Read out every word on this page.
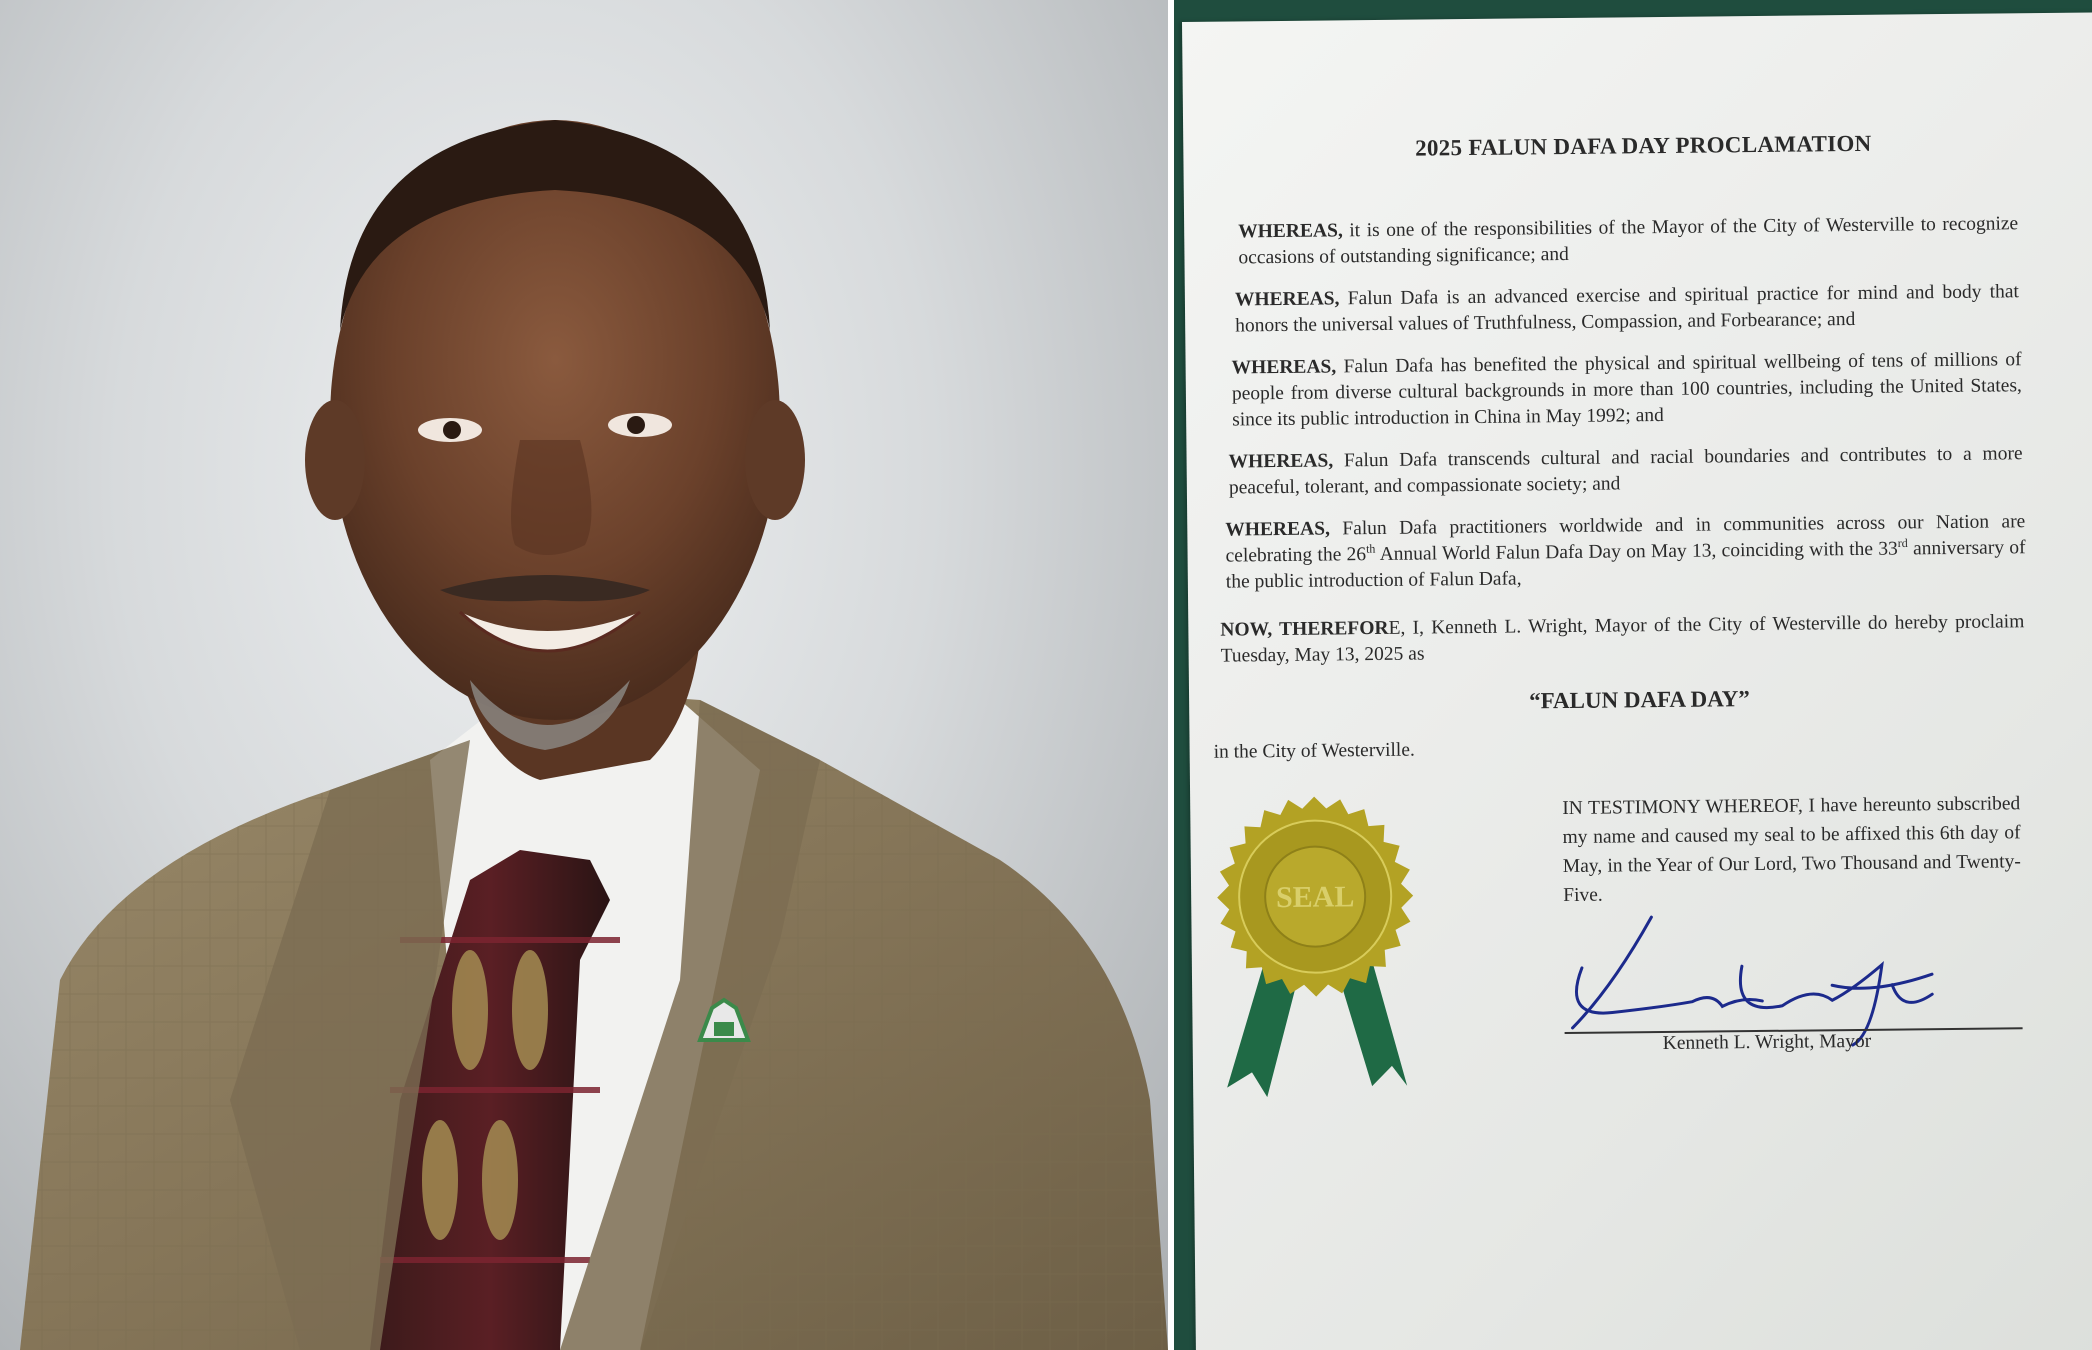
2025 FALUN DAFA DAY PROCLAMATION
WHEREAS, it is one of the responsibilities of the Mayor of the City of Westerville to recognize occasions of outstanding significance; and
WHEREAS, Falun Dafa is an advanced exercise and spiritual practice for mind and body that honors the universal values of Truthfulness, Compassion, and Forbearance; and
WHEREAS, Falun Dafa has benefited the physical and spiritual wellbeing of tens of millions of people from diverse cultural backgrounds in more than 100 countries, including the United States, since its public introduction in China in May 1992; and
WHEREAS, Falun Dafa transcends cultural and racial boundaries and contributes to a more peaceful, tolerant, and compassionate society; and
WHEREAS, Falun Dafa practitioners worldwide and in communities across our Nation are celebrating the 26th Annual World Falun Dafa Day on May 13, coinciding with the 33rd anniversary of the public introduction of Falun Dafa,
NOW, THEREFORE, I, Kenneth L. Wright, Mayor of the City of Westerville do hereby proclaim Tuesday, May 13, 2025 as
“FALUN DAFA DAY”
in the City of Westerville.
IN TESTIMONY WHEREOF, I have hereunto subscribed my name and caused my seal to be affixed this 6th day of May, in the Year of Our Lord, Two Thousand and Twenty-Five.
Kenneth L. Wright, Mayor
SEAL
